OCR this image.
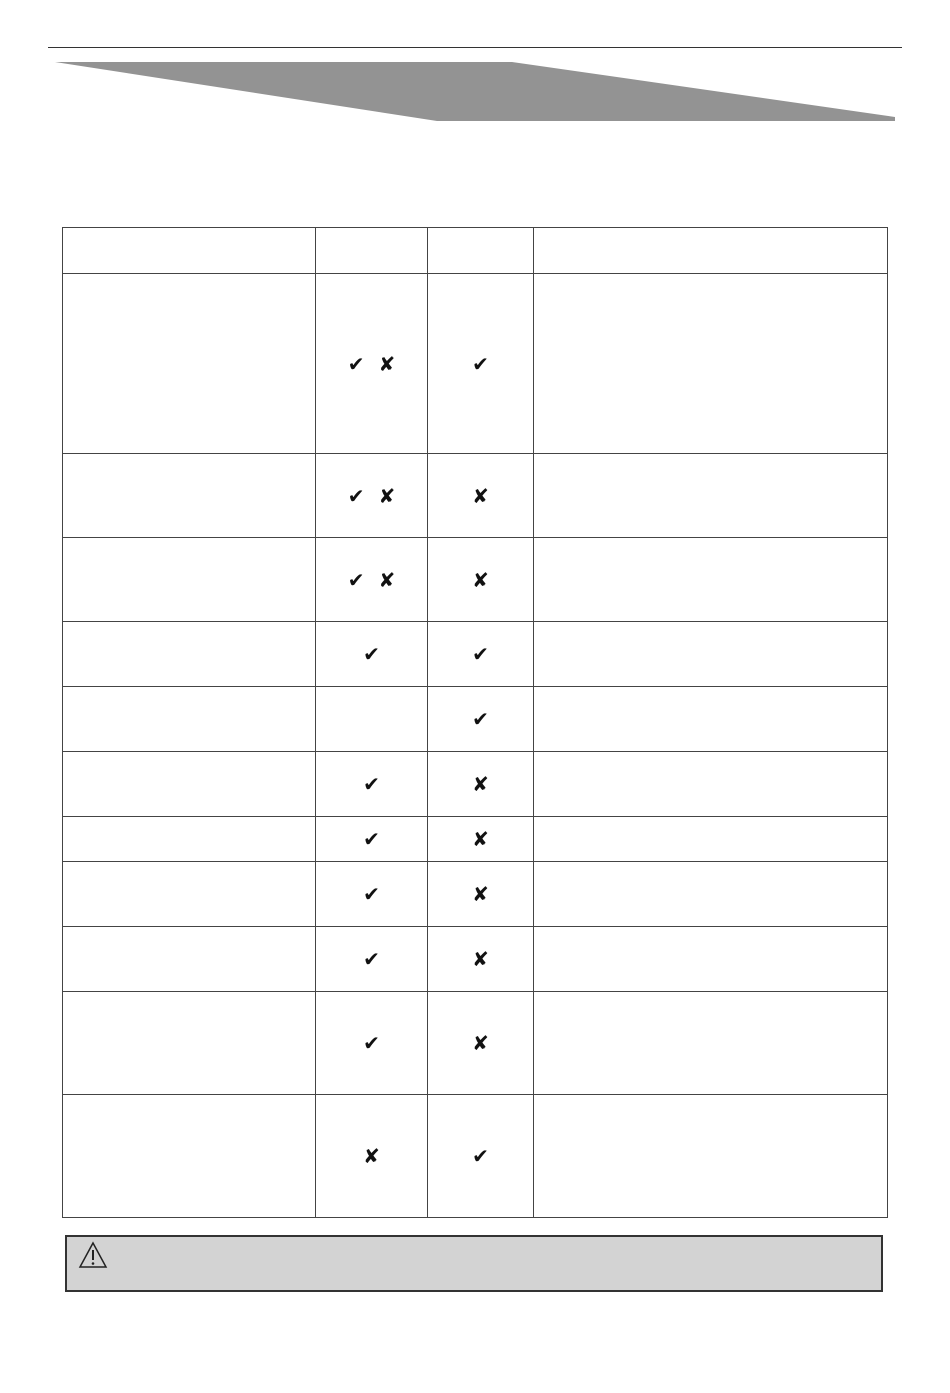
	✔ ✘	✔	
	✔ ✘	✘	
	✔ ✘	✘	
	✔	✔	
		✔	
	✔	✘	
	✔	✘	
	✔	✘	
	✔	✘	
	✔	✘	
	✘	✔	
